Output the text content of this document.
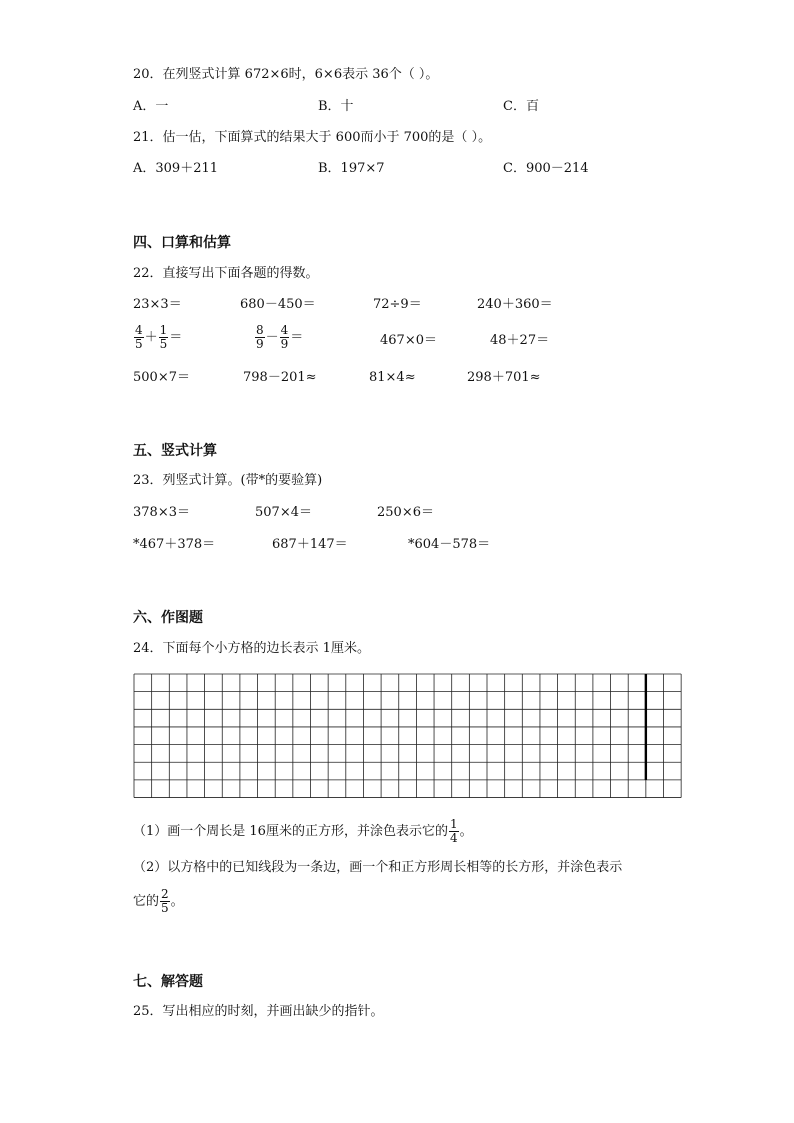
20．在列竖式计算 672×6时，6×6表示 36个（ ）。
A．一	B．十	C．百
21．估一估，下面算式的结果大于 600而小于 700的是（ ）。
A．309＋211	B．197×7	C．900－214
四、口算和估算
22．直接写出下面各题的得数。
23×3＝	680－450＝	72÷9＝	240＋360＝
$\frac{4}{5} + \frac{1}{5}$ ＝	$\frac{8}{9} - \frac{4}{9}$ ＝	467×0＝	48＋27＝
500×7＝	798－201≈	81×4≈	298＋701≈
五、竖式计算
23．列竖式计算。(带*的要验算)
378×3＝	507×4＝	250×6＝
*467＋378＝	687＋147＝	*604－578＝
六、作图题
24．下面每个小方格的边长表示 1厘米。
（1）画一个周长是 16厘米的正方形，并涂色表示它的 $\frac{1}{4}$ 。
（2）以方格中的已知线段为一条边，画一个和正方形周长相等的长方形，并涂色表示
它的 $\frac{2}{5}$ 。
七、解答题
25．写出相应的时刻，并画出缺少的指针。
